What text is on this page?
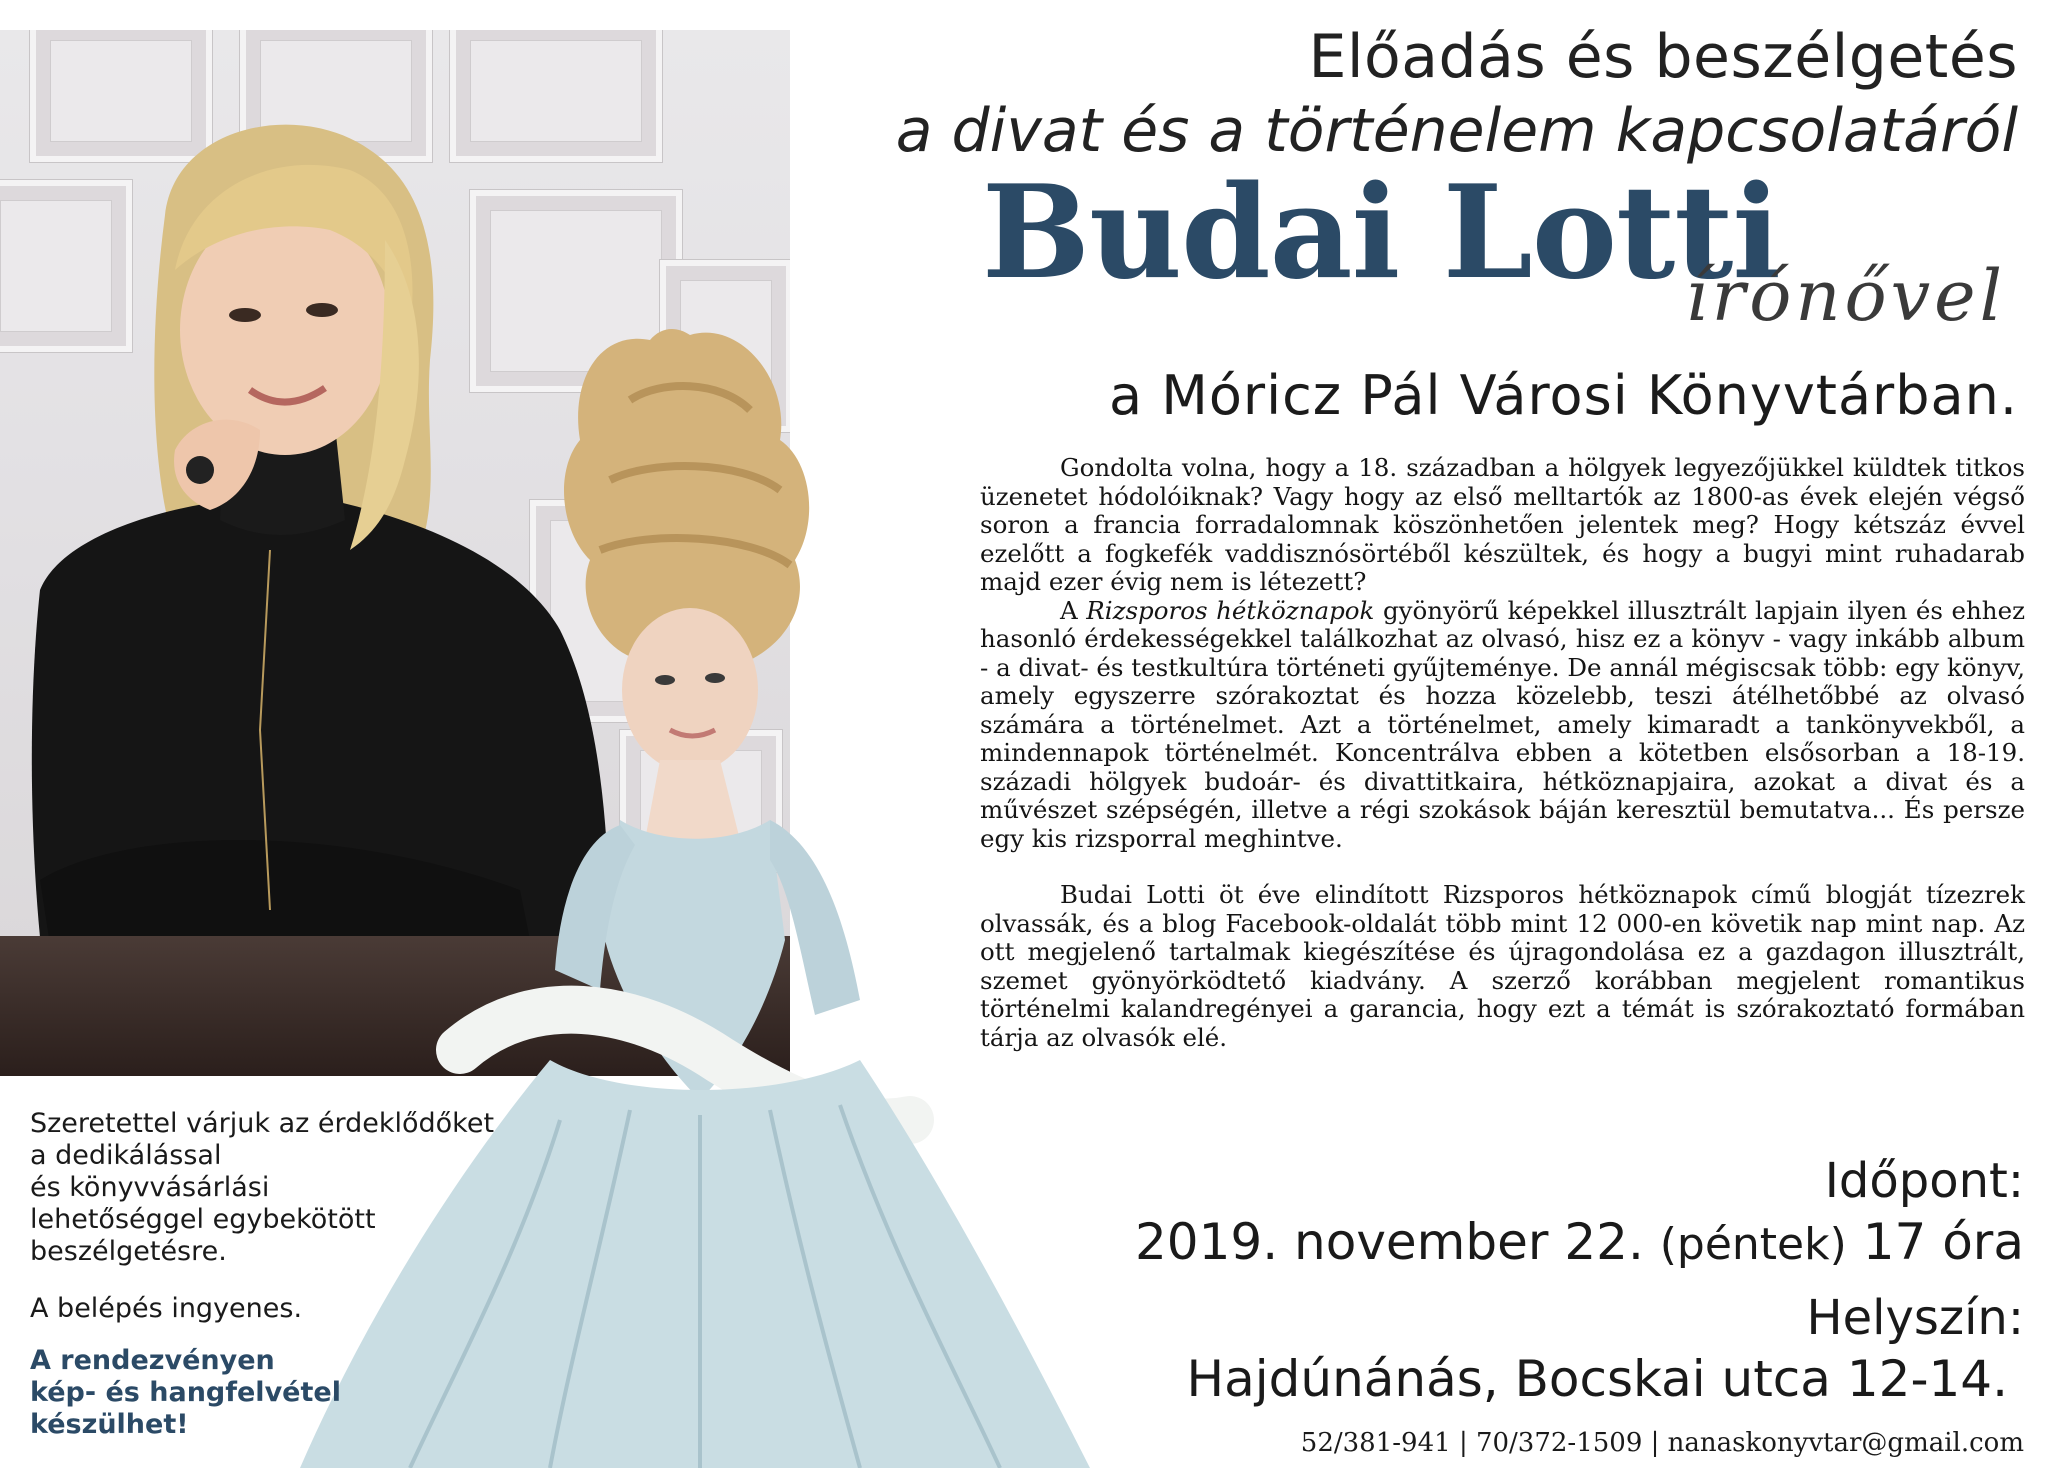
Előadás és beszélgetés
a divat és a történelem kapcsolatáról
Budai Lotti
írónővel
a Móricz Pál Városi Könyvtárban.

Gondolta volna, hogy a 18. században a hölgyek legyezőjükkel küldtek titkos üzenetet hódolóiknak? Vagy hogy az első melltartók az 1800-as évek elején végső soron a francia forradalomnak köszönhetően jelentek meg? Hogy kétszáz évvel ezelőtt a fogkefék vaddisznósörtéből készültek, és hogy a bugyi mint ruhadarab majd ezer évig nem is létezett?

A Rizsporos hétköznapok gyönyörű képekkel illusztrált lapjain ilyen és ehhez hasonló érdekességekkel találkozhat az olvasó, hisz ez a könyv - vagy inkább album - a divat- és testkultúra történeti gyűjteménye. De annál mégiscsak több: egy könyv, amely egyszerre szórakoztat és hozza közelebb, teszi átélhetőbbé az olvasó számára a történelmet. Azt a történelmet, amely kimaradt a tankönyvekből, a mindennapok történelmét. Koncentrálva ebben a kötetben elsősorban a 18-19. századi hölgyek budoár- és divattitkaira, hétköznapjaira, azokat a divat és a művészet szépségén, illetve a régi szokások báján keresztül bemutatva... És persze egy kis rizsporral meghintve.

Budai Lotti öt éve elindított Rizsporos hétköznapok című blogját tízezrek olvassák, és a blog Facebook-oldalát több mint 12 000-en követik nap mint nap. Az ott megjelenő tartalmak kiegészítése és újragondolása ez a gazdagon illusztrált, szemet gyönyörködtető kiadvány. A szerző korábban megjelent romantikus történelmi kalandregényei a garancia, hogy ezt a témát is szórakoztató formában tárja az olvasók elé.

Időpont:
2019. november 22. (péntek) 17 óra
Helyszín:
Hajdúnánás, Bocskai utca 12-14.
52/381-941 | 70/372-1509 | nanaskonyvtar@gmail.com
Szeretettel várjuk az érdeklődőket
a dedikálással
és könyvvásárlási
lehetőséggel egybekötött
beszélgetésre.
A belépés ingyenes.
A rendezvényen
kép- és hangfelvétel
készülhet!
